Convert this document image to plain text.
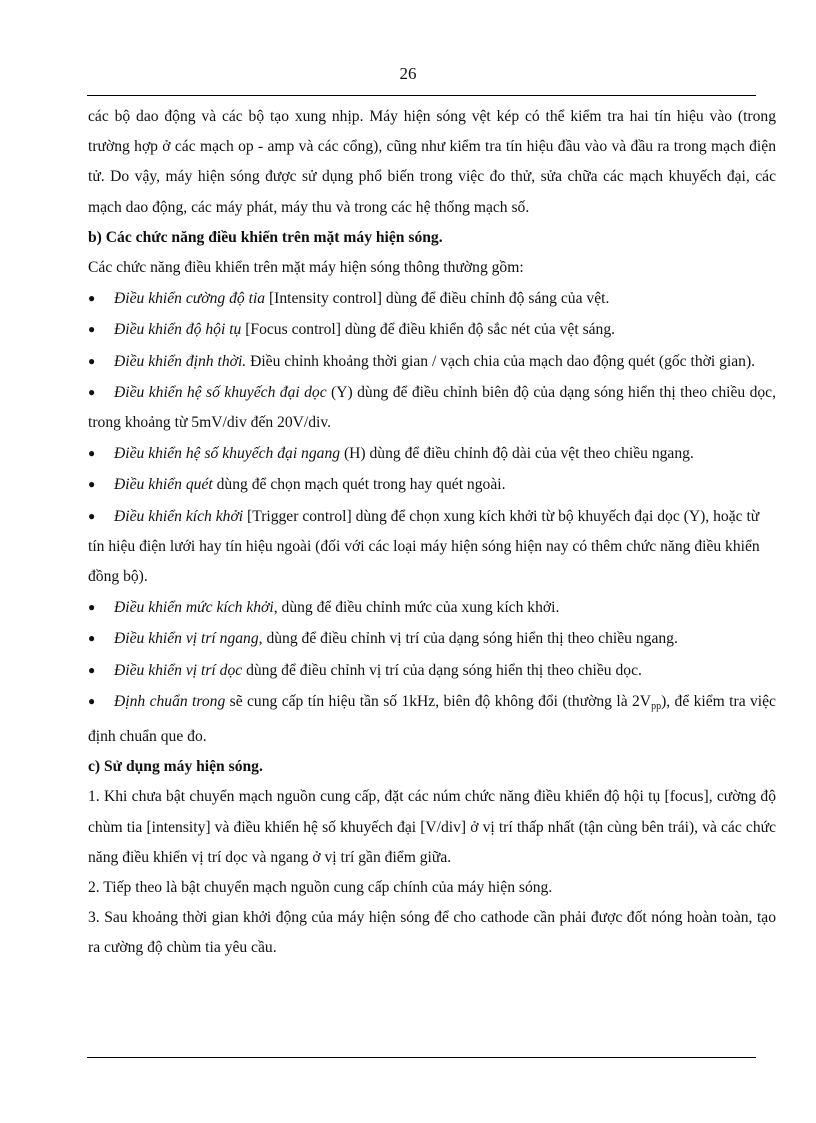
26

các bộ dao động và các bộ tạo xung nhịp. Máy hiện sóng vệt kép có thể kiểm tra hai tín hiệu vào (trong trường hợp ở các mạch op - amp và các cổng), cũng như kiểm tra tín hiệu đầu vào và đầu ra trong mạch điện tử. Do vậy, máy hiện sóng được sử dụng phổ biến trong việc đo thử, sửa chữa các mạch khuyếch đại, các mạch dao động, các máy phát, máy thu và trong các hệ thống mạch số.

b) Các chức năng điều khiển trên mặt máy hiện sóng.

Các chức năng điều khiển trên mặt máy hiện sóng thông thường gồm:

● Điều khiển cường độ tia [Intensity control] dùng để điều chỉnh độ sáng của vệt.

● Điều khiển độ hội tụ [Focus control] dùng để điều khiển độ sắc nét của vệt sáng.

● Điều khiển định thời. Điều chỉnh khoảng thời gian / vạch chia của mạch dao động quét (gốc thời gian).

● Điều khiển hệ số khuyếch đại dọc (Y) dùng để điều chỉnh biên độ của dạng sóng hiển thị theo chiều dọc, trong khoảng từ 5mV/div đến 20V/div.

● Điều khiển hệ số khuyếch đại ngang (H) dùng để điều chỉnh độ dài của vệt theo chiều ngang.

● Điều khiển quét dùng để chọn mạch quét trong hay quét ngoài.

● Điều khiển kích khởi [Trigger control] dùng để chọn xung kích khởi từ bộ khuyếch đại dọc (Y), hoặc từ tín hiệu điện lưới hay tín hiệu ngoài (đối với các loại máy hiện sóng hiện nay có thêm chức năng điều khiển đồng bộ).

● Điều khiển mức kích khởi, dùng để điều chỉnh mức của xung kích khởi.

● Điều khiển vị trí ngang, dùng để điều chỉnh vị trí của dạng sóng hiển thị theo chiều ngang.

● Điều khiển vị trí dọc dùng để điều chỉnh vị trí của dạng sóng hiển thị theo chiều dọc.

● Định chuẩn trong sẽ cung cấp tín hiệu tần số 1kHz, biên độ không đổi (thường là $2V_{pp}$), để kiểm tra việc định chuẩn que đo.

c) Sử dụng máy hiện sóng.

1. Khi chưa bật chuyển mạch nguồn cung cấp, đặt các núm chức năng điều khiển độ hội tụ [focus], cường độ chùm tia [intensity] và điều khiển hệ số khuyếch đại [V/div] ở vị trí thấp nhất (tận cùng bên trái), và các chức năng điều khiển vị trí dọc và ngang ở vị trí gần điểm giữa.

2. Tiếp theo là bật chuyển mạch nguồn cung cấp chính của máy hiện sóng.

3. Sau khoảng thời gian khởi động của máy hiện sóng để cho cathode cần phải được đốt nóng hoàn toàn, tạo ra cường độ chùm tia yêu cầu.
